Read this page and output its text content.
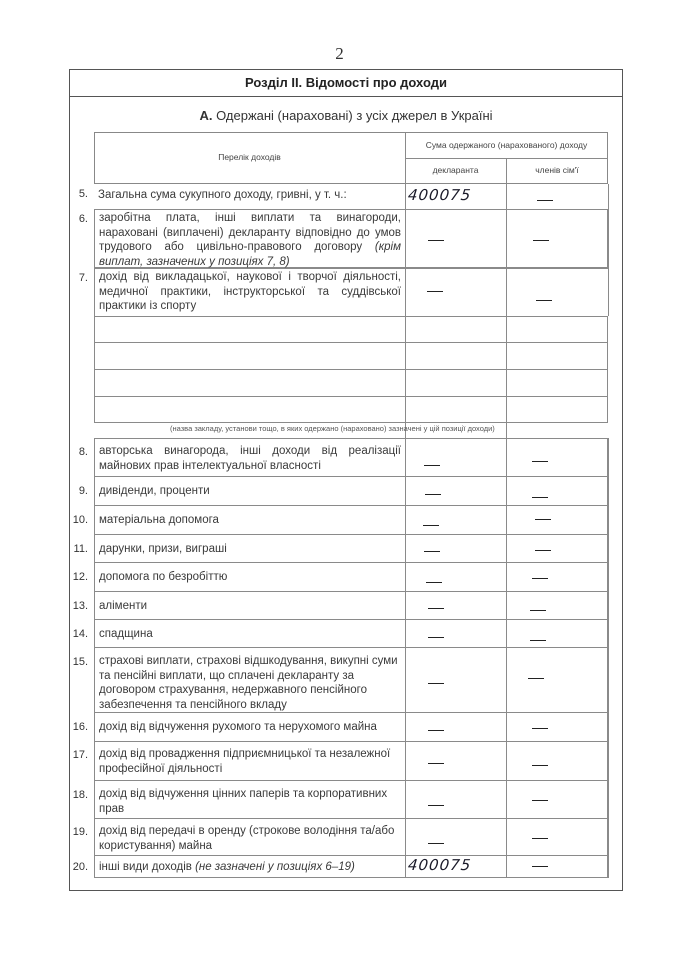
2
Розділ II. Відомості про доходи
А. Одержані (нараховані) з усіх джерел в Україні
Перелік доходів
Сума одержаного (нарахованого) доходу
декларанта	членів сім'ї
5. Загальна сума сукупного доходу, гривні, у т. ч.:	400075
6. заробітна плата, інші виплати та винагороди, нараховані (виплачені) декларанту відповідно до умов трудового або цивільно-правового договору (крім виплат, зазначених у позиціях 7, 8)
7. дохід від викладацької, наукової і творчої діяльності, медичної практики, інструкторської та суддівської практики із спорту
(назва закладу, установи тощо, в яких одержано (нараховано) зазначені у цій позиції доходи)
8. авторська винагорода, інші доходи від реалізації майнових прав інтелектуальної власності
9. дивіденди, проценти
10. матеріальна допомога
11. дарунки, призи, виграші
12. допомога по безробіттю
13. аліменти
14. спадщина
15. страхові виплати, страхові відшкодування, викупні суми та пенсійні виплати, що сплачені декларанту за договором страхування, недержавного пенсійного забезпечення та пенсійного вкладу
16. дохід від відчуження рухомого та нерухомого майна
17. дохід від провадження підприємницької та незалежної професійної діяльності
18. дохід від відчуження цінних паперів та корпоративних прав
19. дохід від передачі в оренду (строкове володіння та/або користування) майна
20. інші види доходів (не зазначені у позиціях 6–19)	400075
